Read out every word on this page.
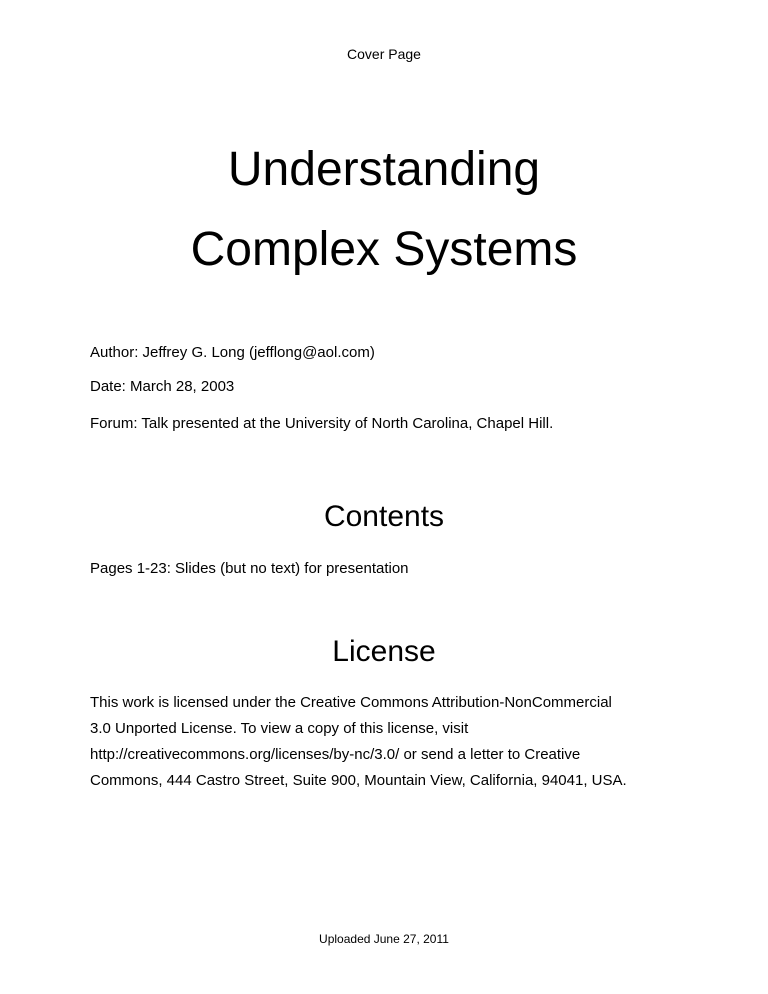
Cover Page
Understanding
Complex Systems
Author: Jeffrey G. Long (jefflong@aol.com)
Date: March 28, 2003
Forum: Talk presented at the University of North Carolina, Chapel Hill.
Contents
Pages 1-23: Slides (but no text) for presentation
License
This work is licensed under the Creative Commons Attribution-NonCommercial
3.0 Unported License. To view a copy of this license, visit
http://creativecommons.org/licenses/by-nc/3.0/ or send a letter to Creative
Commons, 444 Castro Street, Suite 900, Mountain View, California, 94041, USA.
Uploaded June 27, 2011
